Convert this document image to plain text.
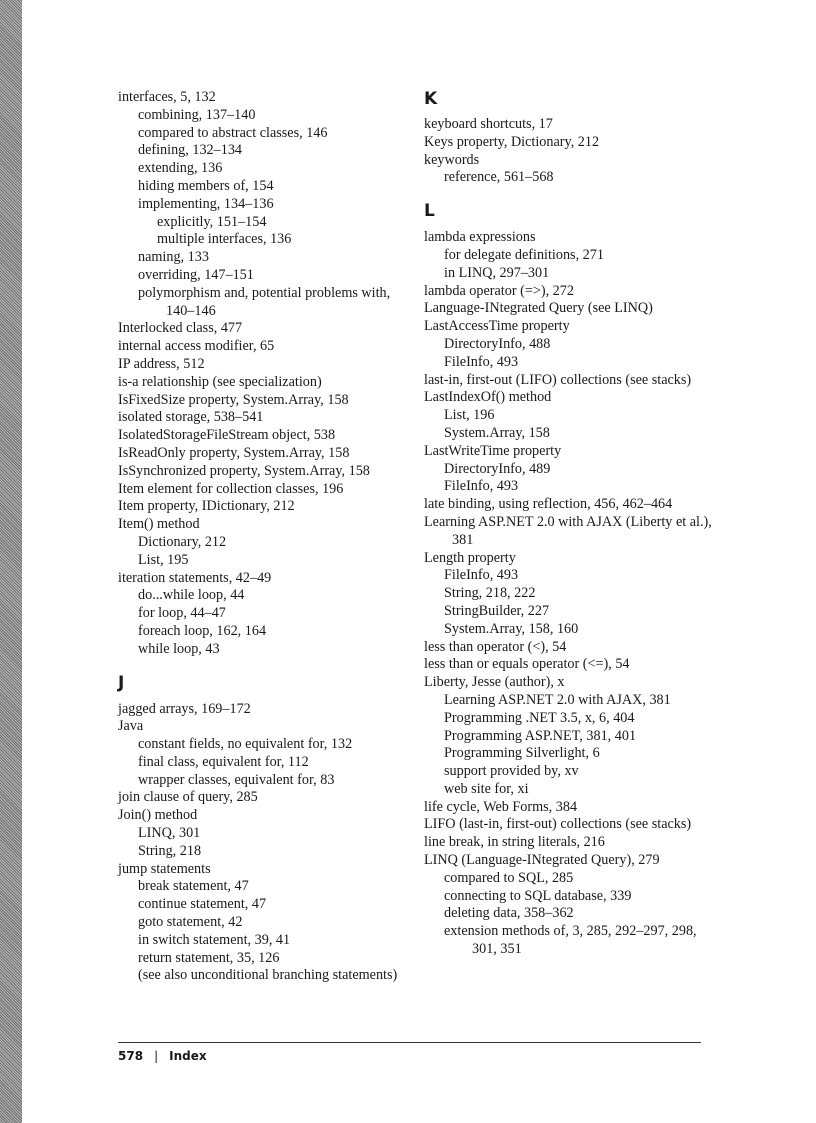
interfaces, 5, 132
combining, 137–140
compared to abstract classes, 146
defining, 132–134
extending, 136
hiding members of, 154
implementing, 134–136
explicitly, 151–154
multiple interfaces, 136
naming, 133
overriding, 147–151
polymorphism and, potential problems with, 140–146
Interlocked class, 477
internal access modifier, 65
IP address, 512
is-a relationship (see specialization)
IsFixedSize property, System.Array, 158
isolated storage, 538–541
IsolatedStorageFileStream object, 538
IsReadOnly property, System.Array, 158
IsSynchronized property, System.Array, 158
Item element for collection classes, 196
Item property, IDictionary, 212
Item() method
Dictionary, 212
List, 195
iteration statements, 42–49
do...while loop, 44
for loop, 44–47
foreach loop, 162, 164
while loop, 43
J
jagged arrays, 169–172
Java
constant fields, no equivalent for, 132
final class, equivalent for, 112
wrapper classes, equivalent for, 83
join clause of query, 285
Join() method
LINQ, 301
String, 218
jump statements
break statement, 47
continue statement, 47
goto statement, 42
in switch statement, 39, 41
return statement, 35, 126
(see also unconditional branching statements)
K
keyboard shortcuts, 17
Keys property, Dictionary, 212
keywords
reference, 561–568
L
lambda expressions
for delegate definitions, 271
in LINQ, 297–301
lambda operator (=>), 272
Language-INtegrated Query (see LINQ)
LastAccessTime property
DirectoryInfo, 488
FileInfo, 493
last-in, first-out (LIFO) collections (see stacks)
LastIndexOf() method
List, 196
System.Array, 158
LastWriteTime property
DirectoryInfo, 489
FileInfo, 493
late binding, using reflection, 456, 462–464
Learning ASP.NET 2.0 with AJAX (Liberty et al.), 381
Length property
FileInfo, 493
String, 218, 222
StringBuilder, 227
System.Array, 158, 160
less than operator (<), 54
less than or equals operator (<=), 54
Liberty, Jesse (author), x
Learning ASP.NET 2.0 with AJAX, 381
Programming .NET 3.5, x, 6, 404
Programming ASP.NET, 381, 401
Programming Silverlight, 6
support provided by, xv
web site for, xi
life cycle, Web Forms, 384
LIFO (last-in, first-out) collections (see stacks)
line break, in string literals, 216
LINQ (Language-INtegrated Query), 279
compared to SQL, 285
connecting to SQL database, 339
deleting data, 358–362
extension methods of, 3, 285, 292–297, 298, 301, 351
578 | Index
